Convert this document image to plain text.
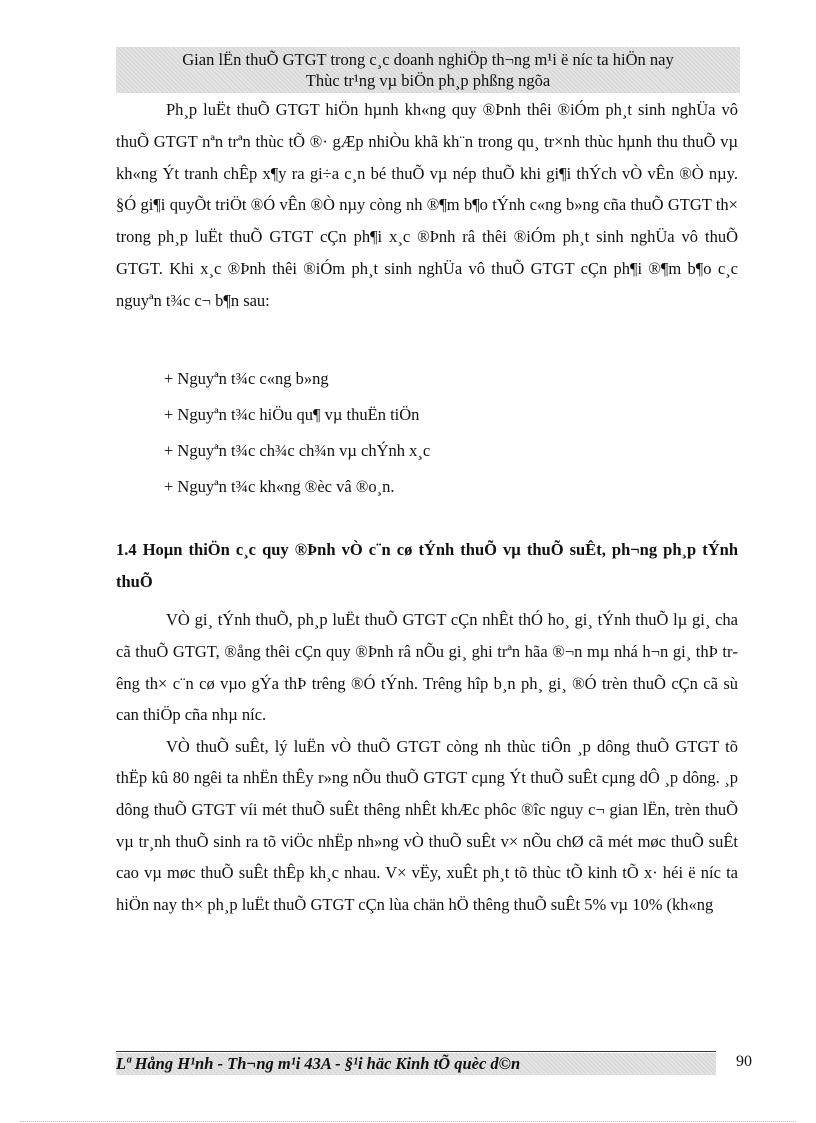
Gian lËn thuÕ GTGT trong c¸c doanh nghiÖp th¬ng m¹i ë níc ta hiÖn nay
Thùc tr¹ng vµ biÖn ph¸p phßng ngõa

Ph¸p luËt thuÕ GTGT hiÖn hµnh kh«ng quy ®Þnh thêi ®iÓm ph¸t sinh nghÜa vô thuÕ GTGT nªn trªn thùc tÕ ®· gÆp nhiÒu khã kh¨n trong qu¸ tr×nh thùc hµnh thu thuÕ vµ kh«ng Ýt tranh chÊp x¶y ra gi÷a c¸n bé thuÕ vµ nép thuÕ khi gi¶i thÝch vÒ vÊn ®Ò nµy. §Ó gi¶i quyÕt triÖt ®Ó vÊn ®Ò nµy còng nh ®¶m b¶o tÝnh c«ng b»ng cña thuÕ GTGT th× trong ph¸p luËt thuÕ GTGT cÇn ph¶i x¸c ®Þnh râ thêi ®iÓm ph¸t sinh nghÜa vô thuÕ GTGT. Khi x¸c ®Þnh thêi ®iÓm ph¸t sinh nghÜa vô thuÕ GTGT cÇn ph¶i ®¶m b¶o c¸c nguyªn t¾c c¬ b¶n sau:

+ Nguyªn t¾c c«ng b»ng

+ Nguyªn t¾c hiÖu qu¶ vµ thuËn tiÖn

+ Nguyªn t¾c ch¾c ch¾n vµ chÝnh x¸c

+ Nguyªn t¾c kh«ng ®èc vâ ®o¸n.

1.4 Hoµn thiÖn c¸c quy ®Þnh vÒ c¨n cø tÝnh thuÕ vµ thuÕ suÊt, ph¬ng ph¸p tÝnh thuÕ

VÒ gi¸ tÝnh thuÕ, ph¸p luËt thuÕ GTGT cÇn nhÊt thÓ ho¸ gi¸ tÝnh thuÕ lµ gi¸ cha cã thuÕ GTGT, ®ång thêi cÇn quy ®Þnh râ nÕu gi¸ ghi trªn hãa ®¬n mµ nhá h¬n gi¸ thÞ trêng th× c¨n cø vµo gÝa thÞ trêng ®Ó tÝnh. Trêng hîp b¸n ph¸ gi¸ ®Ó trèn thuÕ cÇn cã sù can thiÖp cña nhµ níc.

VÒ thuÕ suÊt, lý luËn vÒ thuÕ GTGT còng nh thùc tiÔn ¸p dông thuÕ GTGT tõ thËp kû 80 ngêi ta nhËn thÊy r»ng nÕu thuÕ GTGT cµng Ýt thuÕ suÊt cµng dÔ ¸p dông. ¸p dông thuÕ GTGT víi mét thuÕ suÊt thêng nhÊt khÆc phôc ®îc nguy c¬ gian lËn, trèn thuÕ vµ tr¸nh thuÕ sinh ra tõ viÖc nhËp nh»ng vÒ thuÕ suÊt v× nÕu chØ cã mét møc thuÕ suÊt cao vµ møc thuÕ suÊt thÊp kh¸c nhau. V× vËy, xuÊt ph¸t tõ thùc tÕ kinh tÕ x· héi ë níc ta hiÖn nay th× ph¸p luËt thuÕ GTGT cÇn lùa chän hÖ thêng thuÕ suÊt 5% vµ 10% (kh«ng

Lª Hång H¹nh - Th¬ng m¹i 43A - §¹i häc Kinh tÕ quèc d©n	90
